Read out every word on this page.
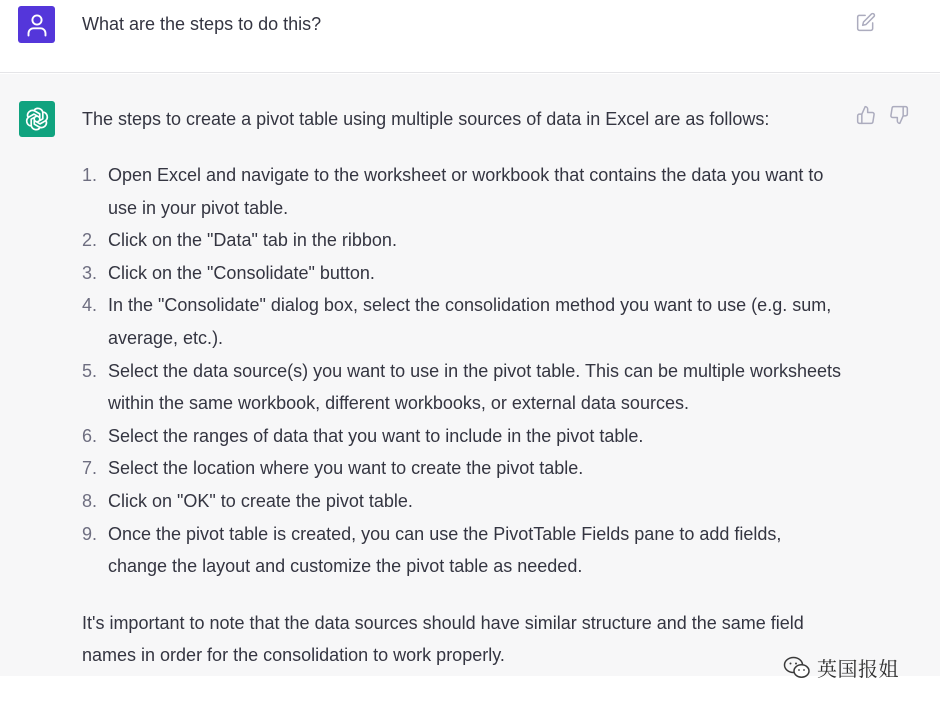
What are the steps to do this?

The steps to create a pivot table using multiple sources of data in Excel are as follows:

1. Open Excel and navigate to the worksheet or workbook that contains the data you want to use in your pivot table.
2. Click on the "Data" tab in the ribbon.
3. Click on the "Consolidate" button.
4. In the "Consolidate" dialog box, select the consolidation method you want to use (e.g. sum, average, etc.).
5. Select the data source(s) you want to use in the pivot table. This can be multiple worksheets within the same workbook, different workbooks, or external data sources.
6. Select the ranges of data that you want to include in the pivot table.
7. Select the location where you want to create the pivot table.
8. Click on "OK" to create the pivot table.
9. Once the pivot table is created, you can use the PivotTable Fields pane to add fields, change the layout and customize the pivot table as needed.

It's important to note that the data sources should have similar structure and the same field names in order for the consolidation to work properly.

英国报姐
